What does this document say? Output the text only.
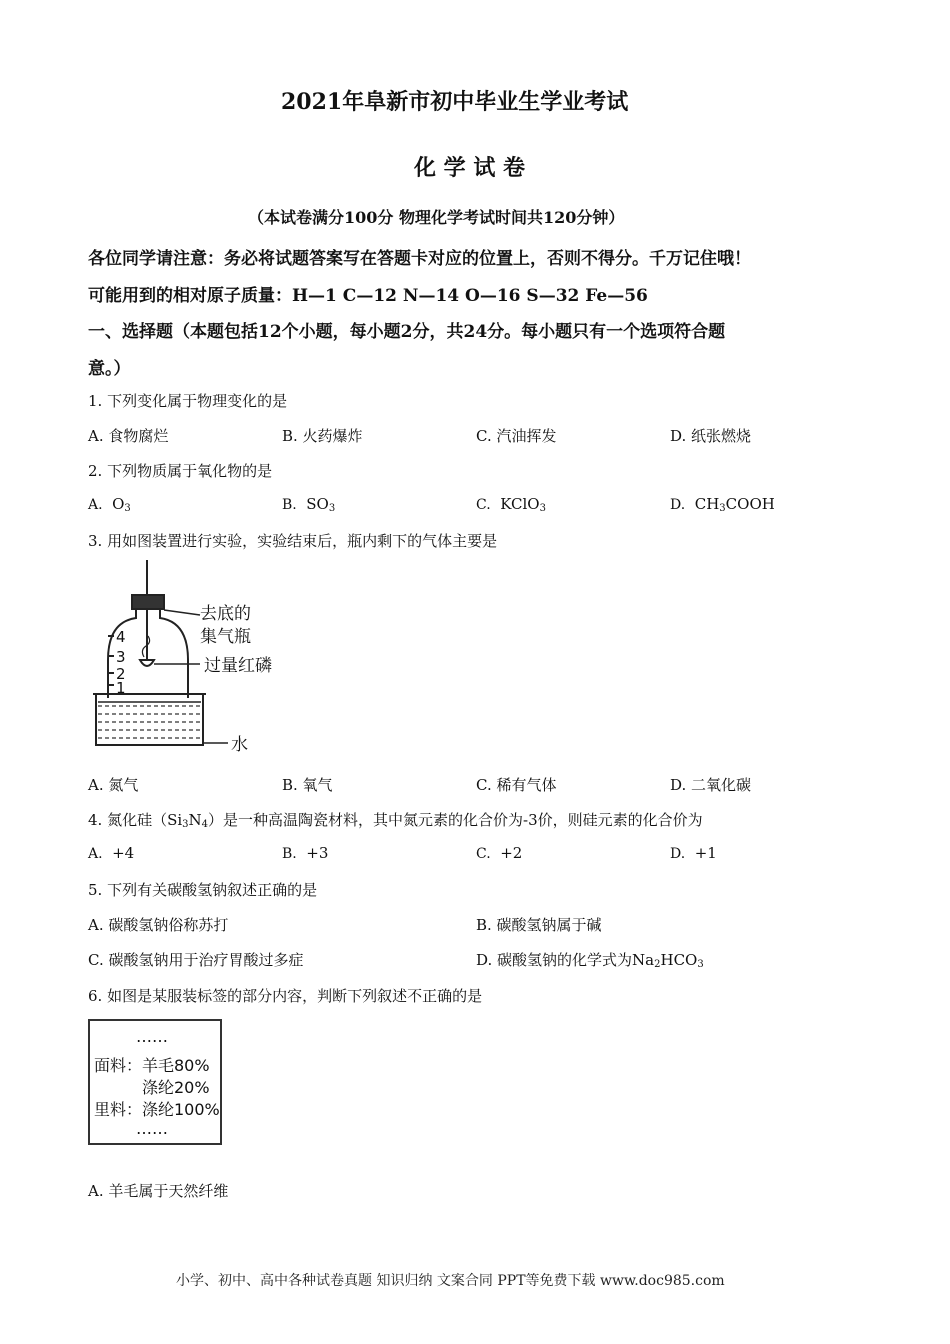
2021年阜新市初中毕业生学业考试
化 学 试 卷
（本试卷满分100分 物理化学考试时间共120分钟）
各位同学请注意：务必将试题答案写在答题卡对应的位置上，否则不得分。千万记住哦！
可能用到的相对原子质量：H—1 C—12 N—14 O—16 S—32 Fe—56
一、选择题（本题包括12个小题，每小题2分，共24分。每小题只有一个选项符合题
意。）
1. 下列变化属于物理变化的是
A. 食物腐烂	B. 火药爆炸	C. 汽油挥发	D. 纸张燃烧
2. 下列物质属于氧化物的是
A.  $O_3$	B.  $SO_3$	C.  KClO$_3$	D.  $CH_3COOH$
3. 用如图装置进行实验，实验结束后，瓶内剩下的气体主要是
4
3
2
1
去底的
集气瓶
过量红磷
水
A. 氮气	B. 氧气	C. 稀有气体	D. 二氧化碳
4. 氮化硅$(Si_3N_4)$是一种高温陶瓷材料，其中氮元素的化合价为-3价，则硅元素的化合价为
A. +4	B. +3	C. +2	D. +1
5. 下列有关碳酸氢钠叙述正确的是
A. 碳酸氢钠俗称苏打	B. 碳酸氢钠属于碱
C. 碳酸氢钠用于治疗胃酸过多症	D. 碳酸氢钠的化学式为$Na_2HCO_3$
6. 如图是某服装标签的部分内容，判断下列叙述不正确的是
……
面料：羊毛80%
涤纶20%
里料：涤纶100%
……
A. 羊毛属于天然纤维
小学、初中、高中各种试卷真题 知识归纳 文案合同 PPT等免费下载 www.doc985.com
